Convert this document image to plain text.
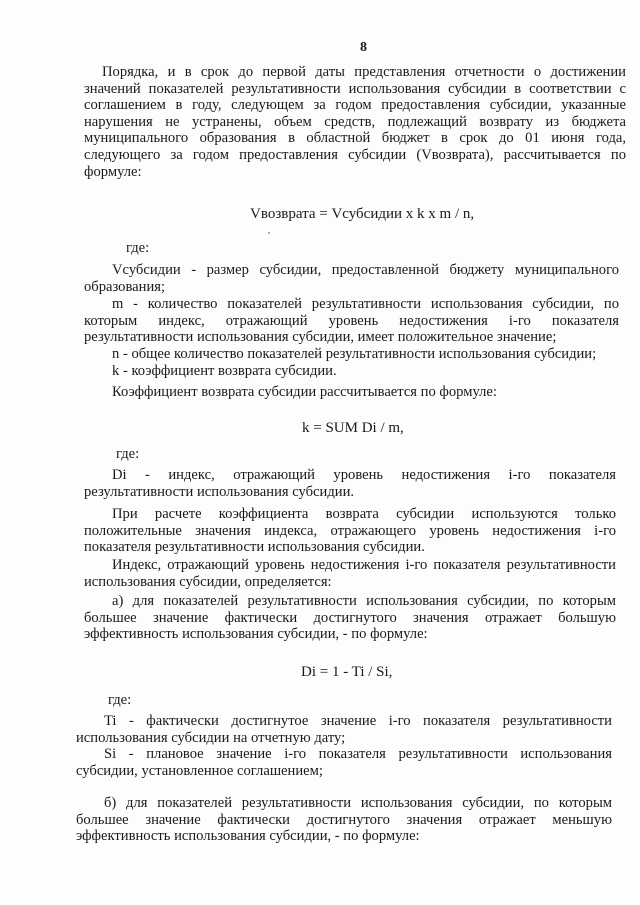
8
Порядка, и в срок до первой даты представления отчетности о достижении значений показателей результативности использования субсидии в соответствии с соглашением в году, следующем за годом предоставления субсидии, указанные нарушения не устранены, объем средств, подлежащий возврату из бюджета муниципального образования в областной бюджет в срок до 01 июня года, следующего за годом предоставления субсидии (Vвозврата), рассчитывается по формуле:
Vвозврата = Vсубсидии x k x m / n,
где:
Vсубсидии - размер субсидии, предоставленной бюджету муниципального образования;
m - количество показателей результативности использования субсидии, по которым индекс, отражающий уровень недостижения i-го показателя результативности использования субсидии, имеет положительное значение;
n - общее количество показателей результативности использования субсидии;
k - коэффициент возврата субсидии.
Коэффициент возврата субсидии рассчитывается по формуле:
k = SUM Di / m,
где:
Di - индекс, отражающий уровень недостижения i-го показателя результативности использования субсидии.
При расчете коэффициента возврата субсидии используются только положительные значения индекса, отражающего уровень недостижения i-го показателя результативности использования субсидии.
Индекс, отражающий уровень недостижения i-го показателя результативности использования субсидии, определяется:
а) для показателей результативности использования субсидии, по которым большее значение фактически достигнутого значения отражает большую эффективность использования субсидии, - по формуле:
Di = 1 - Ti / Si,
где:
Ti - фактически достигнутое значение i-го показателя результативности использования субсидии на отчетную дату;
Si - плановое значение i-го показателя результативности использования субсидии, установленное соглашением;
б) для показателей результативности использования субсидии, по которым большее значение фактически достигнутого значения отражает меньшую эффективность использования субсидии, - по формуле:
